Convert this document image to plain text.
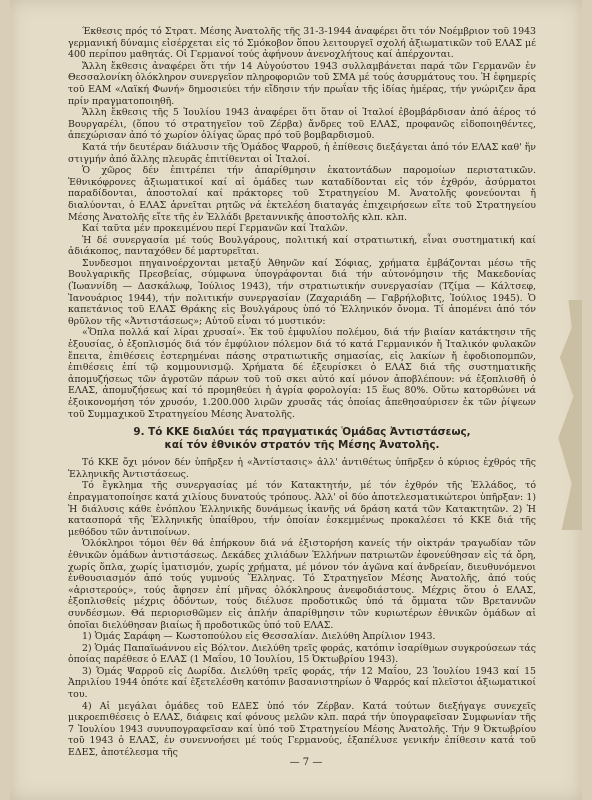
Έκθεσις πρός τό Στρατ. Μέσης Ἀνατολῆς τῆς 31-3-1944 ἀναφέρει ὅτι τόν Νοέμβριον τοῦ 1943 γερμανική δύναμις εἰσέρχεται εἰς τό Σμόκοβον ὅπου λειτουργεῖ σχολή ἀξιωματικῶν τοῦ ΕΛΑΣ μέ 400 περίπου μαθητάς. Οἱ Γερμανοί τούς ἀφήνουν ἀνενοχλήτους καί ἀπέρχονται.

Ἄλλη ἔκθεσις ἀναφέρει ὅτι τήν 14 Αὐγούστου 1943 συλλαμβάνεται παρά τῶν Γερμανῶν ἐν Θεσσαλονίκη ὁλόκληρον συνεργεῖον πληροφοριῶν τοῦ ΣΜΑ μέ τούς ἀσυρμάτους του. Ἡ ἐφημερίς τοῦ ΕΑΜ «Λαϊκή Φωνή» δημοσιεύει τήν εἴδησιν τήν πρωΐαν τῆς ἰδίας ἡμέρας, τήν γνώριζεν ἄρα πρίν πραγματοποιηθῆ.

Ἄλλη ἔκθεσις τῆς 5 Ἰουλίου 1943 ἀναφέρει ὅτι ὅταν οἱ Ἰταλοί ἐβομβάρδισαν ἀπό ἀέρος τό Βουργαρέλι, (ὅπου τό στρατηγεῖον τοῦ Ζέρβα) ἄνδρες τοῦ ΕΛΑΣ, προφανῶς εἰδοποιηθέντες, ἀπεχώρισαν ἀπό τό χωρίον ὀλίγας ὥρας πρό τοῦ βομβαρδισμοῦ.

Κατά τήν δευτέραν διάλυσιν τῆς Ὁμάδος Ψαρροῦ, ἡ ἐπίθεσις διεξάγεται ἀπό τόν ΕΛΑΣ καθ' ἥν στιγμήν ἀπό ἄλλης πλευρᾶς ἐπιτίθενται οἱ Ἰταλοί.

Ὁ χῶρος δέν ἐπιτρέπει τήν ἀπαρίθμησιν ἑκατοντάδων παρομοίων περιστατικῶν. Ἐθνικόφρονες ἀξιωματικοί καί αἱ ὁμάδες των καταδίδονται εἰς τόν ἐχθρόν, ἀσύρματοι παραδίδονται, ἀποστολαί καί πράκτορες τοῦ Στρατηγείου Μ. Ἀνατολῆς φονεύονται ἤ διαλύονται, ὁ ΕΛΑΣ ἀρνεῖται ρητῶς νά ἐκτελέση διαταγάς ἐπιχειρήσεων εἴτε τοῦ Στρατηγείου Μέσης Ἀνατολῆς εἴτε τῆς ἐν Ἑλλάδι βρεταννικῆς ἀποστολῆς κλπ. κλπ.

Καί ταῦτα μέν προκειμένου περί Γερμανῶν καί Ἰταλῶν.

Ἡ δέ συνεργασία μέ τούς Βουλγάρους, πολιτική καί στρατιωτική, εἶναι συστηματική καί ἀδιάκοπος, πανταχόθεν δέ μαρτυρεῖται.

Συνδεσμοι πηγαινοέρχονται μεταξύ Ἀθηνῶν καί Σόφιας, χρήματα ἐμβάζονται μέσω τῆς Βουλγαρικῆς Πρεσβείας, σύμφωνα ὑπογράφονται διά τήν αὐτονόμησιν τῆς Μακεδονίας (Ἰωαννίδη — Δασκάλωφ, Ἰούλιος 1943), τήν στρατιωτικήν συνεργασίαν (Τζίμα — Κάλτσεφ, Ἰανουάριος 1944), τήν πολιτικήν συνεργασίαν (Ζαχαριάδη — Γαβρήλοβιτς, Ἰούλιος 1945). Ὁ καπετάνιος τοῦ ΕΛΑΣ Θράκης εἰς Βουλγάρους ὑπό τό Ἑλληνικόν ὄνομα. Τί ἀπομένει ἀπό τόν θρῦλον τῆς «Ἀντιστάσεως»; Αὐτοῦ εἶναι τό μυστικόν:

«Ὅπλα πολλά καί λίραι χρυσαί». Ἐκ τοῦ ἐμφυλίου πολέμου, διά τήν βιαίαν κατάκτησιν τῆς ἐξουσίας, ὁ ἐξοπλισμός διά τόν ἐμφύλιον πόλεμον διά τό κατά Γερμανικόν ἤ Ἰταλικόν φυλακῶν ἔπειτα, ἐπιθέσεις ἐστερημέναι πάσης στρατιωτικῆς σημασίας, εἰς λακίων ἤ ἐφοδιοπομπῶν, ἐπιθέσεις ἐπί τῷ κομμουνισμῷ. Χρήματα δέ ἐξευρίσκει ὁ ΕΛΑΣ διά τῆς συστηματικῆς ἀπομυζήσεως τῶν ἀγροτῶν πάρων τοῦ τοῦ σκει αὐτό καί μόνον ἀποβλέπουν: νά ἐξοπλισθῆ ὁ ΕΛΑΣ, ἀπομυζήσεως καί τό προμηθεύει ἡ ἀγρία φορολογία: 15 ἕως 80%. Οὕτω κατορθώνει νά ἐξοικονομήση τόν χρυσόν, 1.200.000 λιρῶν χρυσᾶς τάς ὁποίας ἀπεθησαύρισεν ἐκ τῶν ῥίψεων τοῦ Συμμαχικοῦ Στρατηγείου Μέσης Ἀνατολῆς.

9. Τό ΚΚΕ διαλύει τάς πραγματικάς Ὁμάδας Ἀντιστάσεως,
καί τόν ἐθνικόν στρατόν τῆς Μέσης Ἀνατολῆς.

Τό ΚΚΕ ὄχι μόνον δέν ὑπῆρξεν ἡ «Ἀντίστασις» ἀλλ' ἀντιθέτως ὑπῆρξεν ὁ κύριος ἐχθρός τῆς Ἑλληνικῆς Ἀντιστάσεως.

Τό ἔγκλημα τῆς συνεργασίας μέ τόν Κατακτητήν, μέ τόν ἐχθρόν τῆς Ἑλλάδος, τό ἐπραγματοποίησε κατά χιλίους δυνατούς τρόπους. Ἀλλ' οἱ δύο ἀποτελεσματικώτεροι ὑπῆρξαν: 1) Ἡ διάλυσις κάθε ἐνόπλου Ἑλληνικῆς δυνάμεως ἱκανῆς νά δράση κατά τῶν Κατακτητῶν. 2) Ἡ κατασπορά τῆς Ἑλληνικῆς ὑπαίθρου, τήν ὁποίαν ἐσκεμμένως προκαλέσει τό ΚΚΕ διά τῆς μεθόδου τῶν ἀντιποίνων.

Ὁλόκληροι τόμοι θέν θά ἐπήρκουν διά νά ἐξιστορήση κανείς τήν οἰκτράν τραγωδίαν τῶν ἐθνικῶν ὁμάδων ἀντιστάσεως. Δεκάδες χιλιάδων Ἑλλήνων πατριωτῶν ἐφονεύθησαν εἰς τά ὄρη, χωρίς ὅπλα, χωρίς ἱματισμόν, χωρίς χρήματα, μέ μόνον τόν ἀγῶνα καί ἀνδρείαν, διευθυνόμενοι ἐνθουσιασμόν ἀπό τούς γυμνούς Ἕλληνας. Τό Στρατηγεῖον Μέσης Ἀνατολῆς, ἀπό τούς «ἀριστερούς», τούς ἄφησεν ἐπί μῆνας ὁλόκληρους ἀνεφοδιάστους. Μέχρις ὅτου ὁ ΕΛΑΣ, ἐξοπλισθείς μέχρις ὀδόντων, τούς διέλυσε προδοτικῶς ὑπό τά ὄμματα τῶν Βρεταννῶν συνδέσμων. Θά περιορισθῶμεν εἰς ἁπλήν ἀπαρίθμησιν τῶν κυριωτέρων ἐθνικῶν ὁμάδων αἱ ὁποῖαι διελύθησαν βιαίως ἤ προδοτικῶς ὑπό τοῦ ΕΛΑΣ.

1) Ὁμάς Σαράφη — Κωστοπούλου εἰς Θεσσαλίαν. Διελύθη Ἀπρίλιον 1943.

2) Ὁμάς Παπαϊωάννου εἰς Βόλτον. Διελύθη τρεῖς φοράς, κατόπιν ἰσαρίθμων συγκρούσεων τάς ὁποίας παρέθεσε ὁ ΕΛΑΣ (1 Μαΐου, 10 Ἰουλίου, 15 Ὀκτωβρίου 1943).

3) Ὁμάς Ψαρροῦ εἰς Δωρίδα. Διελύθη τρεῖς φοράς, τήν 12 Μαΐου, 23 Ἰουλίου 1943 καί 15 Ἀπριλίου 1944 ὁπότε καί ἐξετελέσθη κατόπιν βασανιστηρίων ὁ Ψαρρός καί πλεῖστοι ἀξιωματικοί του.

4) Αἱ μεγάλαι ὁμάδες τοῦ ΕΔΕΣ ὑπό τόν Ζέρβαν. Κατά τούτων διεξήγαγε συνεχεῖς μικροεπιθέσεις ὁ ΕΛΑΣ, διάφεις καί φόνους μελῶν κλπ. παρά τήν ὑπογραφεῖσαν Συμφωνίαν τῆς 7 Ἰουλίου 1943 συνυπογραφεῖσαν καί ὑπό τοῦ Στρατηγείου Μέσης Ἀνατολῆς. Τήν 9 Ὀκτωβρίου τοῦ 1943 ὁ ΕΛΑΣ, ἐν συνεννοήσει μέ τούς Γερμανούς, ἐξαπέλυσε γενικήν ἐπίθεσιν κατά τοῦ ΕΔΕΣ, ἀποτέλεσμα τῆς

— 7 —
